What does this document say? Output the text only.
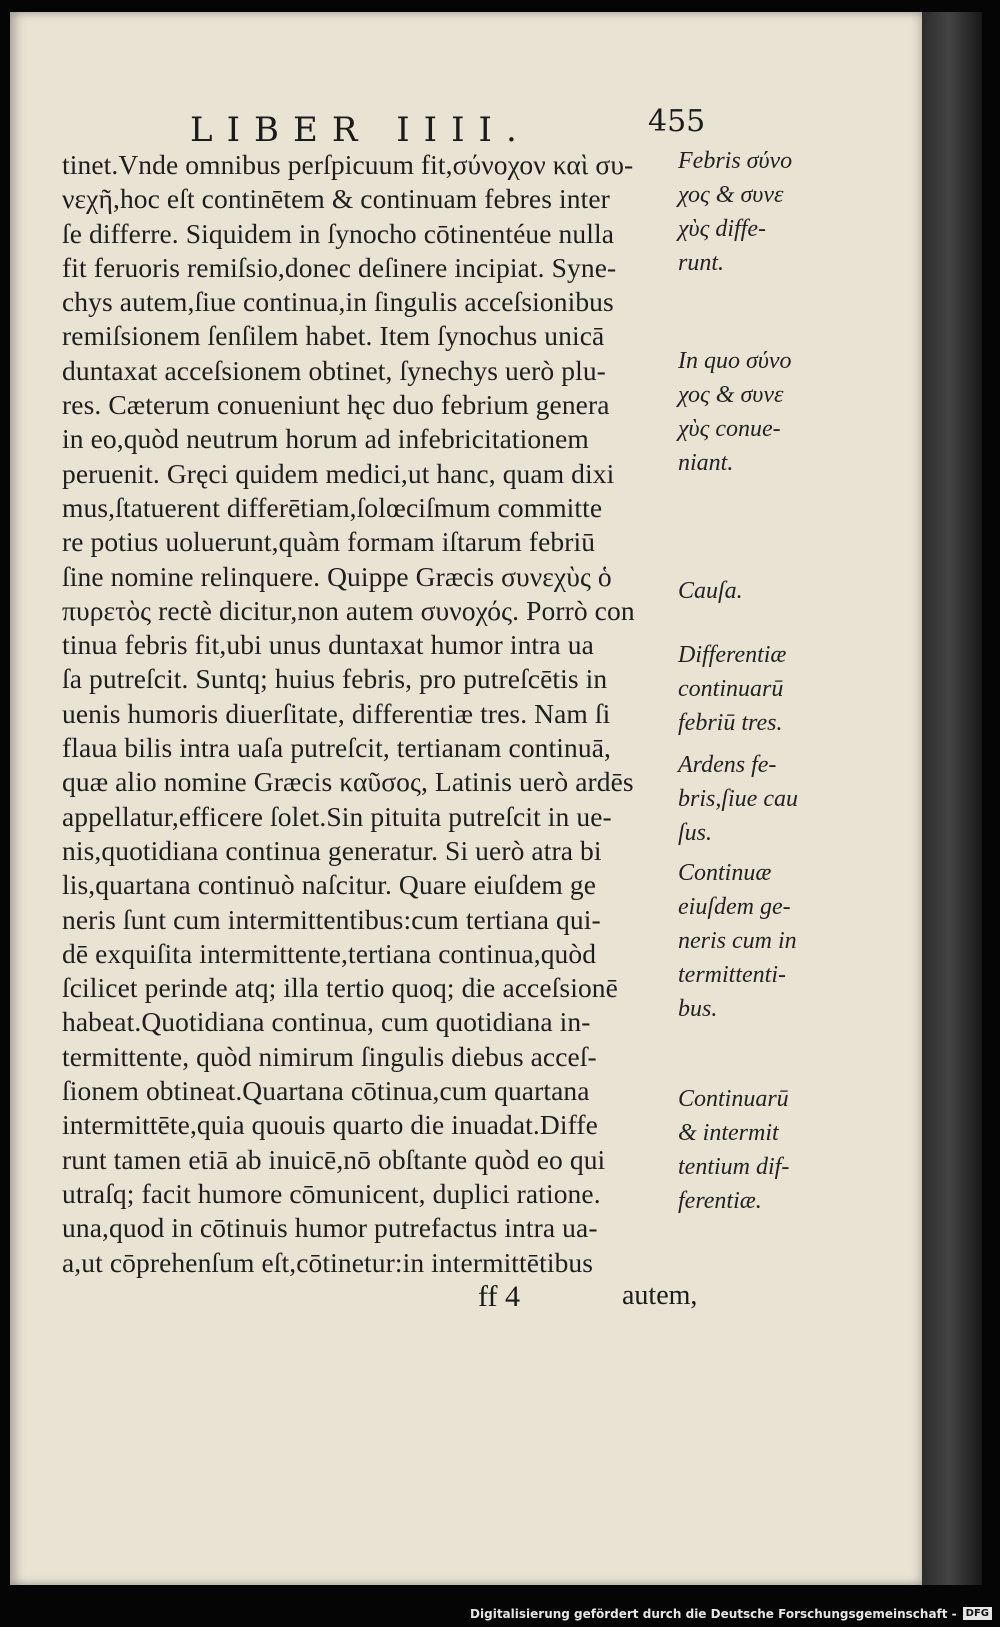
LIBER IIII.	455
tinet.Vnde omnibus perſpicuum fit,σύνοχον καὶ συ-
νεχῆ,hoc eſt continētem & continuam febres inter
ſe differre. Siquidem in ſynocho cōtinentéue nulla
fit feruoris remiſsio,donec deſinere incipiat. Syne-
chys autem,ſiue continua,in ſingulis acceſsionibus
remiſsionem ſenſilem habet. Item ſynochus unicā
duntaxat acceſsionem obtinet, ſynechys uerò plu-
res. Cæterum conueniunt hęc duo febrium genera
in eo,quòd neutrum horum ad infebricitationem
peruenit. Gręci quidem medici,ut hanc, quam dixi
mus,ſtatuerent differētiam,ſolœciſmum committe
re potius uoluerunt,quàm formam iſtarum febriū
ſine nomine relinquere. Quippe Græcis συνεχὺς ὁ
πυρετὸς rectè dicitur,non autem συνοχός. Porrò con
tinua febris fit,ubi unus duntaxat humor intra ua
ſa putreſcit. Suntq; huius febris, pro putreſcētis in
uenis humoris diuerſitate, differentiæ tres. Nam ſi
flaua bilis intra uaſa putreſcit, tertianam continuā,
quæ alio nomine Græcis καῦσος, Latinis uerò ardēs
appellatur,efficere ſolet.Sin pituita putreſcit in ue-
nis,quotidiana continua generatur. Si uerò atra bi
lis,quartana continuò naſcitur. Quare eiuſdem ge
neris ſunt cum intermittentibus:cum tertiana qui-
dē exquiſita intermittente,tertiana continua,quòd
ſcilicet perinde atq; illa tertio quoq; die acceſsionē
habeat.Quotidiana continua, cum quotidiana in-
termittente, quòd nimirum ſingulis diebus acceſ-
ſionem obtineat.Quartana cōtinua,cum quartana
intermittēte,quia quouis quarto die inuadat.Diffe
runt tamen etiā ab inuicē,nō obſtante quòd eo qui
utraſq; facit humore cōmunicent, duplici ratione.
una,quod in cōtinuis humor putrefactus intra ua-
a,ut cōprehenſum eſt,cōtinetur:in intermittētibus
Febris σύνο
χος & συνε
χὺς diffe-
runt.
In quo σύνο
χος & συνε
χὺς conue-
niant.
Cauſa.
Differentiæ
continuarū
febriū tres.
Ardens fe-
bris,ſiue cau
ſus.
Continuæ
eiuſdem ge-
neris cum in
termittenti-
bus.
Continuarū
& intermit
tentium dif-
ferentiæ.
ff 4	autem,
Digitalisierung gefördert durch die Deutsche Forschungsgemeinschaft - DFG
